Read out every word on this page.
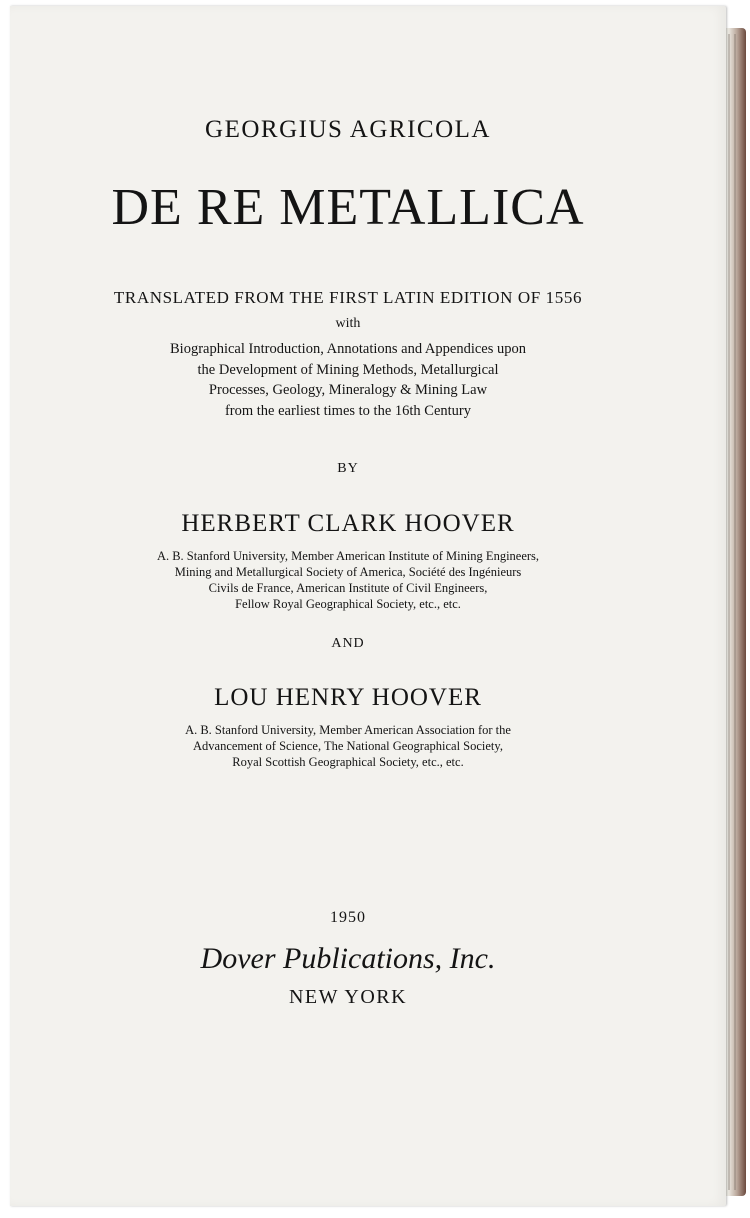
GEORGIUS AGRICOLA
DE RE METALLICA
TRANSLATED FROM THE FIRST LATIN EDITION OF 1556
with
Biographical Introduction, Annotations and Appendices upon
the Development of Mining Methods, Metallurgical
Processes, Geology, Mineralogy & Mining Law
from the earliest times to the 16th Century
BY
HERBERT CLARK HOOVER
A. B. Stanford University, Member American Institute of Mining Engineers,
Mining and Metallurgical Society of America, Société des Ingénieurs
Civils de France, American Institute of Civil Engineers,
Fellow Royal Geographical Society, etc., etc.
AND
LOU HENRY HOOVER
A. B. Stanford University, Member American Association for the
Advancement of Science, The National Geographical Society,
Royal Scottish Geographical Society, etc., etc.
1950
Dover Publications, Inc.
NEW YORK
